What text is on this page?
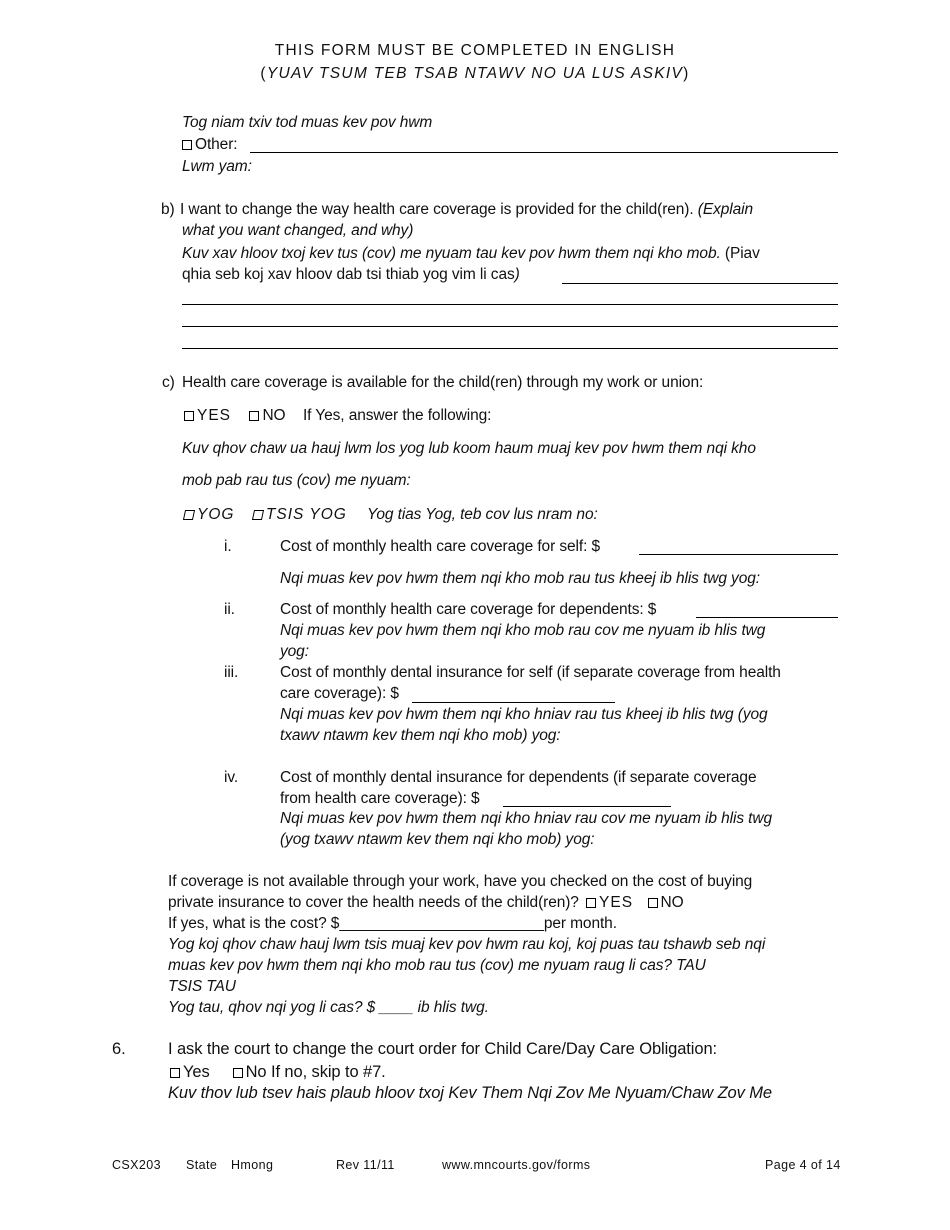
THIS FORM MUST BE COMPLETED IN ENGLISH
(YUAV TSUM TEB TSAB NTAWV NO UA LUS ASKIV)
Tog niam txiv tod muas kev pov hwm
Other:
Lwm yam:
b) I want to change the way health care coverage is provided for the child(ren). (Explain
what you want changed, and why)
Kuv xav hloov txoj kev tus (cov) me nyuam tau kev pov hwm them nqi kho mob. (Piav
qhia seb koj xav hloov dab tsi thiab yog vim li cas)
c) Health care coverage is available for the child(ren) through my work or union:
YES NO If Yes, answer the following:
Kuv qhov chaw ua hauj lwm los yog lub koom haum muaj kev pov hwm them nqi kho
mob pab rau tus (cov) me nyuam:
YOG TSIS YOG Yog tias Yog, teb cov lus nram no:
i.	Cost of monthly health care coverage for self: $
Nqi muas kev pov hwm them nqi kho mob rau tus kheej ib hlis twg yog:
ii.	Cost of monthly health care coverage for dependents: $
Nqi muas kev pov hwm them nqi kho mob rau cov me nyuam ib hlis twg
yog:
iii.	Cost of monthly dental insurance for self (if separate coverage from health
care coverage): $
Nqi muas kev pov hwm them nqi kho hniav rau tus kheej ib hlis twg (yog
txawv ntawm kev them nqi kho mob) yog:
iv.	Cost of monthly dental insurance for dependents (if separate coverage
from health care coverage): $
Nqi muas kev pov hwm them nqi kho hniav rau cov me nyuam ib hlis twg
(yog txawv ntawm kev them nqi kho mob) yog:
If coverage is not available through your work, have you checked on the cost of buying
private insurance to cover the health needs of the child(ren)? YES NO
If yes, what is the cost? $________________________per month.
Yog koj qhov chaw hauj lwm tsis muaj kev pov hwm rau koj, koj puas tau tshawb seb nqi
muas kev pov hwm them nqi kho mob rau tus (cov) me nyuam raug li cas? TAU
TSIS TAU
Yog tau, qhov nqi yog li cas? $ ____ ib hlis twg.
6.	I ask the court to change the court order for Child Care/Day Care Obligation:
Yes No If no, skip to #7.
Kuv thov lub tsev hais plaub hloov txoj Kev Them Nqi Zov Me Nyuam/Chaw Zov Me
CSX203 State Hmong	Rev 11/11	www.mncourts.gov/forms	Page 4 of 14
